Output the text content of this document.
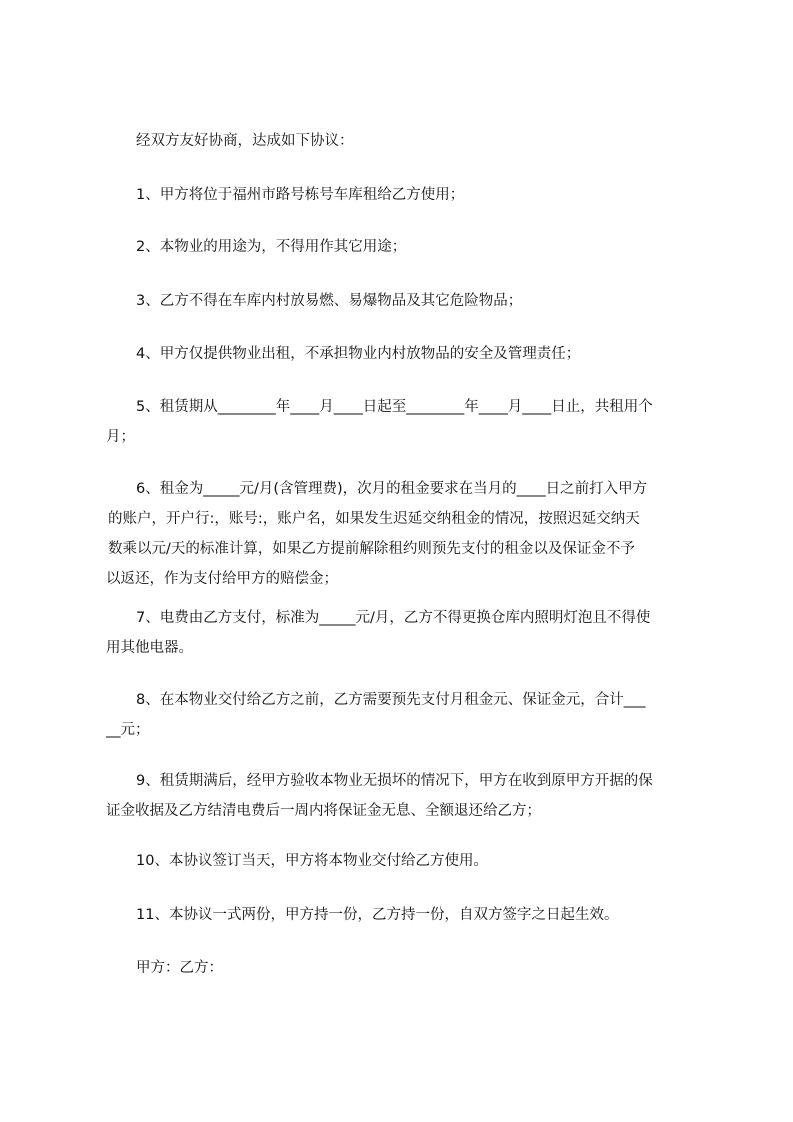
经双方友好协商，达成如下协议：
1、甲方将位于福州市路号栋号车库租给乙方使用；
2、本物业的用途为，不得用作其它用途；
3、乙方不得在车库内村放易燃、易爆物品及其它危险物品；
4、甲方仅提供物业出租，不承担物业内村放物品的安全及管理责任；
5、租赁期从________年____月____日起至________年____月____日止，共租用个
月；
6、租金为_____元/月(含管理费)，次月的租金要求在当月的____日之前打入甲方
的账户，开户行:，账号:，账户名，如果发生迟延交纳租金的情况，按照迟延交纳天
数乘以元/天的标准计算，如果乙方提前解除租约则预先支付的租金以及保证金不予
以返还，作为支付给甲方的赔偿金；
7、电费由乙方支付，标准为_____元/月，乙方不得更换仓库内照明灯泡且不得使
用其他电器。
8、在本物业交付给乙方之前，乙方需要预先支付月租金元、保证金元，合计___
__元；
9、租赁期满后，经甲方验收本物业无损坏的情况下，甲方在收到原甲方开据的保
证金收据及乙方结清电费后一周内将保证金无息、全额退还给乙方；
10、本协议签订当天，甲方将本物业交付给乙方使用。
11、本协议一式两份，甲方持一份，乙方持一份，自双方签字之日起生效。
甲方：乙方：
